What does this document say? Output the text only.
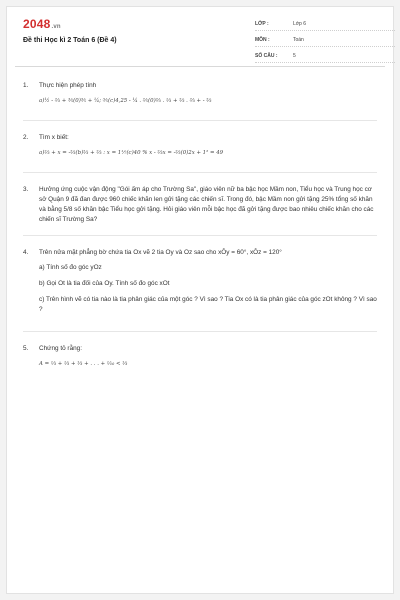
2048.vn
Đề thi Học kì 2 Toán 6 (Đề 4)
LỚP :	Lớp 6
MÔN :	Toán
SỐ CÂU :	5
1.	Thực hiện phép tính
a)½ - ⅔ + ⅗(0)⅗ + ¼; ⅗(c)4,25 - ¼ . ⅖(0)⅔ . ⅓ + ⅔ . ⅔ + - ⅔
2.	Tìm x biết:
a)⅔ + x = -⅔(b)⅔ + ⅔ : x = 1⅐(c)40 % x - ⅔x = -⅔(0)2x + 1² = 49
3.	Hưởng ứng cuộc vận động "Gói ấm áp cho Trường Sa", giáo viên nữ ba bậc học Mầm non, Tiểu học và Trung học cơ sở Quận 9 đã đan được 960 chiếc khăn len gửi tặng các chiến sĩ. Trong đó, bậc Mầm non gửi tặng 25% tổng số khăn và bằng 5/8 số khăn bậc Tiểu học gởi tặng. Hỏi giáo viên mỗi bậc học đã gởi tặng được bao nhiêu chiếc khăn cho các chiến sĩ Trường Sa?
4.	Trên nửa mặt phẳng bờ chứa tia Ox vẽ 2 tia Oy và Oz sao cho xÔy = 60°, xÔz = 120°
a) Tính số đo góc yOz
b) Gọi Ot là tia đối của Oy. Tính số đo góc xOt
c) Trên hình vẽ có tia nào là tia phân giác của một góc ? Vì sao ? Tia Ox có là tia phân giác của góc zOt không ? Vì sao ?
5.	Chứng tỏ rằng:
A = ⅓ + ⅓ + ⅓ + . . . + ⅒ < ⅓
